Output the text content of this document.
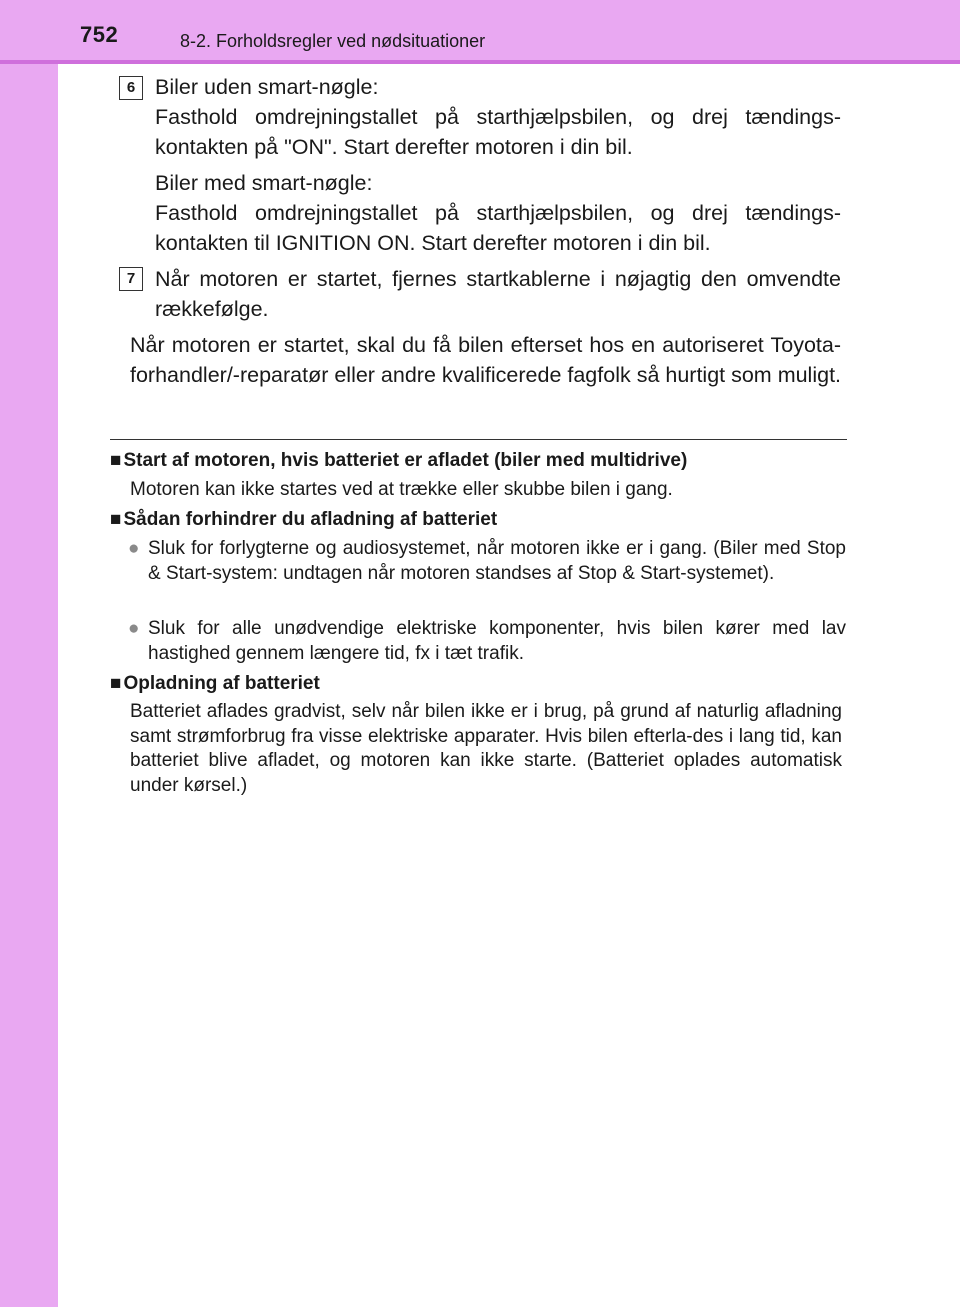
752	8-2. Forholdsregler ved nødsituationer
6 Biler uden smart-nøgle:
Fasthold omdrejningstallet på starthjælpsbilen, og drej tændings-kontakten på "ON". Start derefter motoren i din bil.
Biler med smart-nøgle:
Fasthold omdrejningstallet på starthjælpsbilen, og drej tændings-kontakten til IGNITION ON. Start derefter motoren i din bil.
7 Når motoren er startet, fjernes startkablerne i nøjagtig den omvendte rækkefølge.
Når motoren er startet, skal du få bilen efterset hos en autoriseret Toyota-forhandler/-reparatør eller andre kvalificerede fagfolk så hurtigt som muligt.
■ Start af motoren, hvis batteriet er afladet (biler med multidrive)
Motoren kan ikke startes ved at trække eller skubbe bilen i gang.
■ Sådan forhindrer du afladning af batteriet
● Sluk for forlygterne og audiosystemet, når motoren ikke er i gang. (Biler med Stop & Start-system: undtagen når motoren standses af Stop & Start-systemet).
● Sluk for alle unødvendige elektriske komponenter, hvis bilen kører med lav hastighed gennem længere tid, fx i tæt trafik.
■ Opladning af batteriet
Batteriet aflades gradvist, selv når bilen ikke er i brug, på grund af naturlig afladning samt strømforbrug fra visse elektriske apparater. Hvis bilen efterla-des i lang tid, kan batteriet blive afladet, og motoren kan ikke starte. (Batteriet oplades automatisk under kørsel.)
